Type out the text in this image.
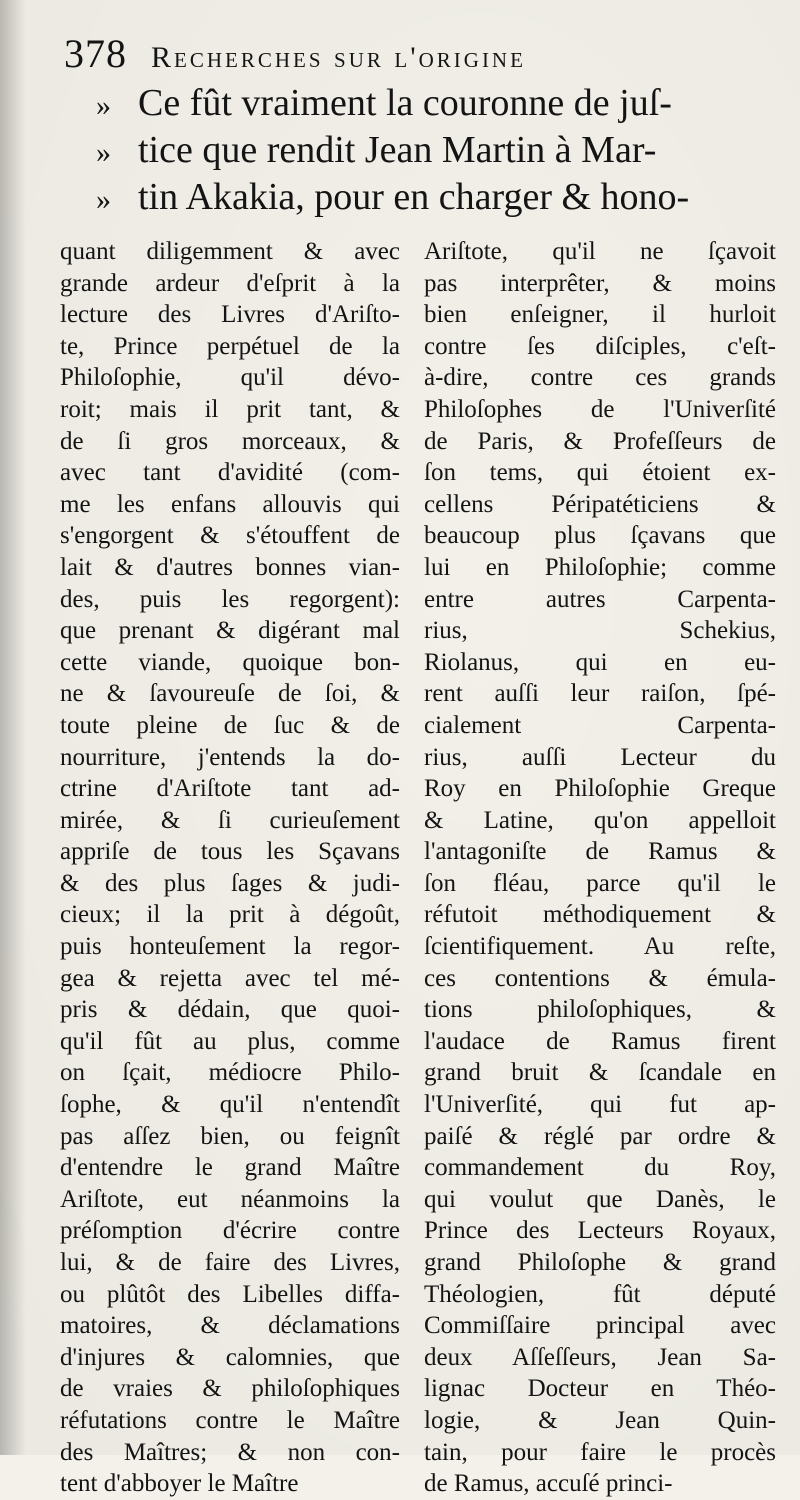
378 Recherches sur l'origine
» Ce fût vraiment la couronne de juſ-
» tice que rendit Jean Martin à Mar-
» tin Akakia, pour en charger & hono-
quant diligemment & avec
grande ardeur d'eſprit à la
lecture des Livres d'Ariſto-
te, Prince perpétuel de la
Philoſophie, qu'il dévo-
roit; mais il prit tant, &
de ſi gros morceaux, &
avec tant d'avidité (com-
me les enfans allouvis qui
s'engorgent & s'étouffent de
lait & d'autres bonnes vian-
des, puis les regorgent):
que prenant & digérant mal
cette viande, quoique bon-
ne & ſavoureuſe de ſoi, &
toute pleine de ſuc & de
nourriture, j'entends la do-
ctrine d'Ariſtote tant ad-
mirée, & ſi curieuſement
appriſe de tous les Sçavans
& des plus ſages & judi-
cieux; il la prit à dégoût,
puis honteuſement la regor-
gea & rejetta avec tel mé-
pris & dédain, que quoi-
qu'il fût au plus, comme
on ſçait, médiocre Philo-
ſophe, & qu'il n'entendît
pas aſſez bien, ou feignît
d'entendre le grand Maître
Ariſtote, eut néanmoins la
préſomption d'écrire contre
lui, & de faire des Livres,
ou plûtôt des Libelles diffa-
matoires, & déclamations
d'injures & calomnies, que
de vraies & philoſophiques
réfutations contre le Maître
des Maîtres; & non con-
tent d'abboyer le Maître
Ariſtote, qu'il ne ſçavoit
pas interprêter, & moins
bien enſeigner, il hurloit
contre ſes diſciples, c'eſt-
à-dire, contre ces grands
Philoſophes de l'Univerſité
de Paris, & Profeſſeurs de
ſon tems, qui étoient ex-
cellens Péripatéticiens &
beaucoup plus ſçavans que
lui en Philoſophie; comme
entre autres Carpenta-
rius, Schekius,
Riolanus, qui en eu-
rent auſſi leur raiſon, ſpé-
cialement Carpenta-
rius, auſſi Lecteur du
Roy en Philoſophie Greque
& Latine, qu'on appelloit
l'antagoniſte de Ramus &
ſon fléau, parce qu'il le
réfutoit méthodiquement &
ſcientifiquement. Au reſte,
ces contentions & émula-
tions philoſophiques, &
l'audace de Ramus firent
grand bruit & ſcandale en
l'Univerſité, qui fut ap-
paiſé & réglé par ordre &
commandement du Roy,
qui voulut que Danès, le
Prince des Lecteurs Royaux,
grand Philoſophe & grand
Théologien, fût député
Commiſſaire principal avec
deux Aſſeſſeurs, Jean Sa-
lignac Docteur en Théo-
logie, & Jean Quin-
tain, pour faire le procès
de Ramus, accuſé princi-
